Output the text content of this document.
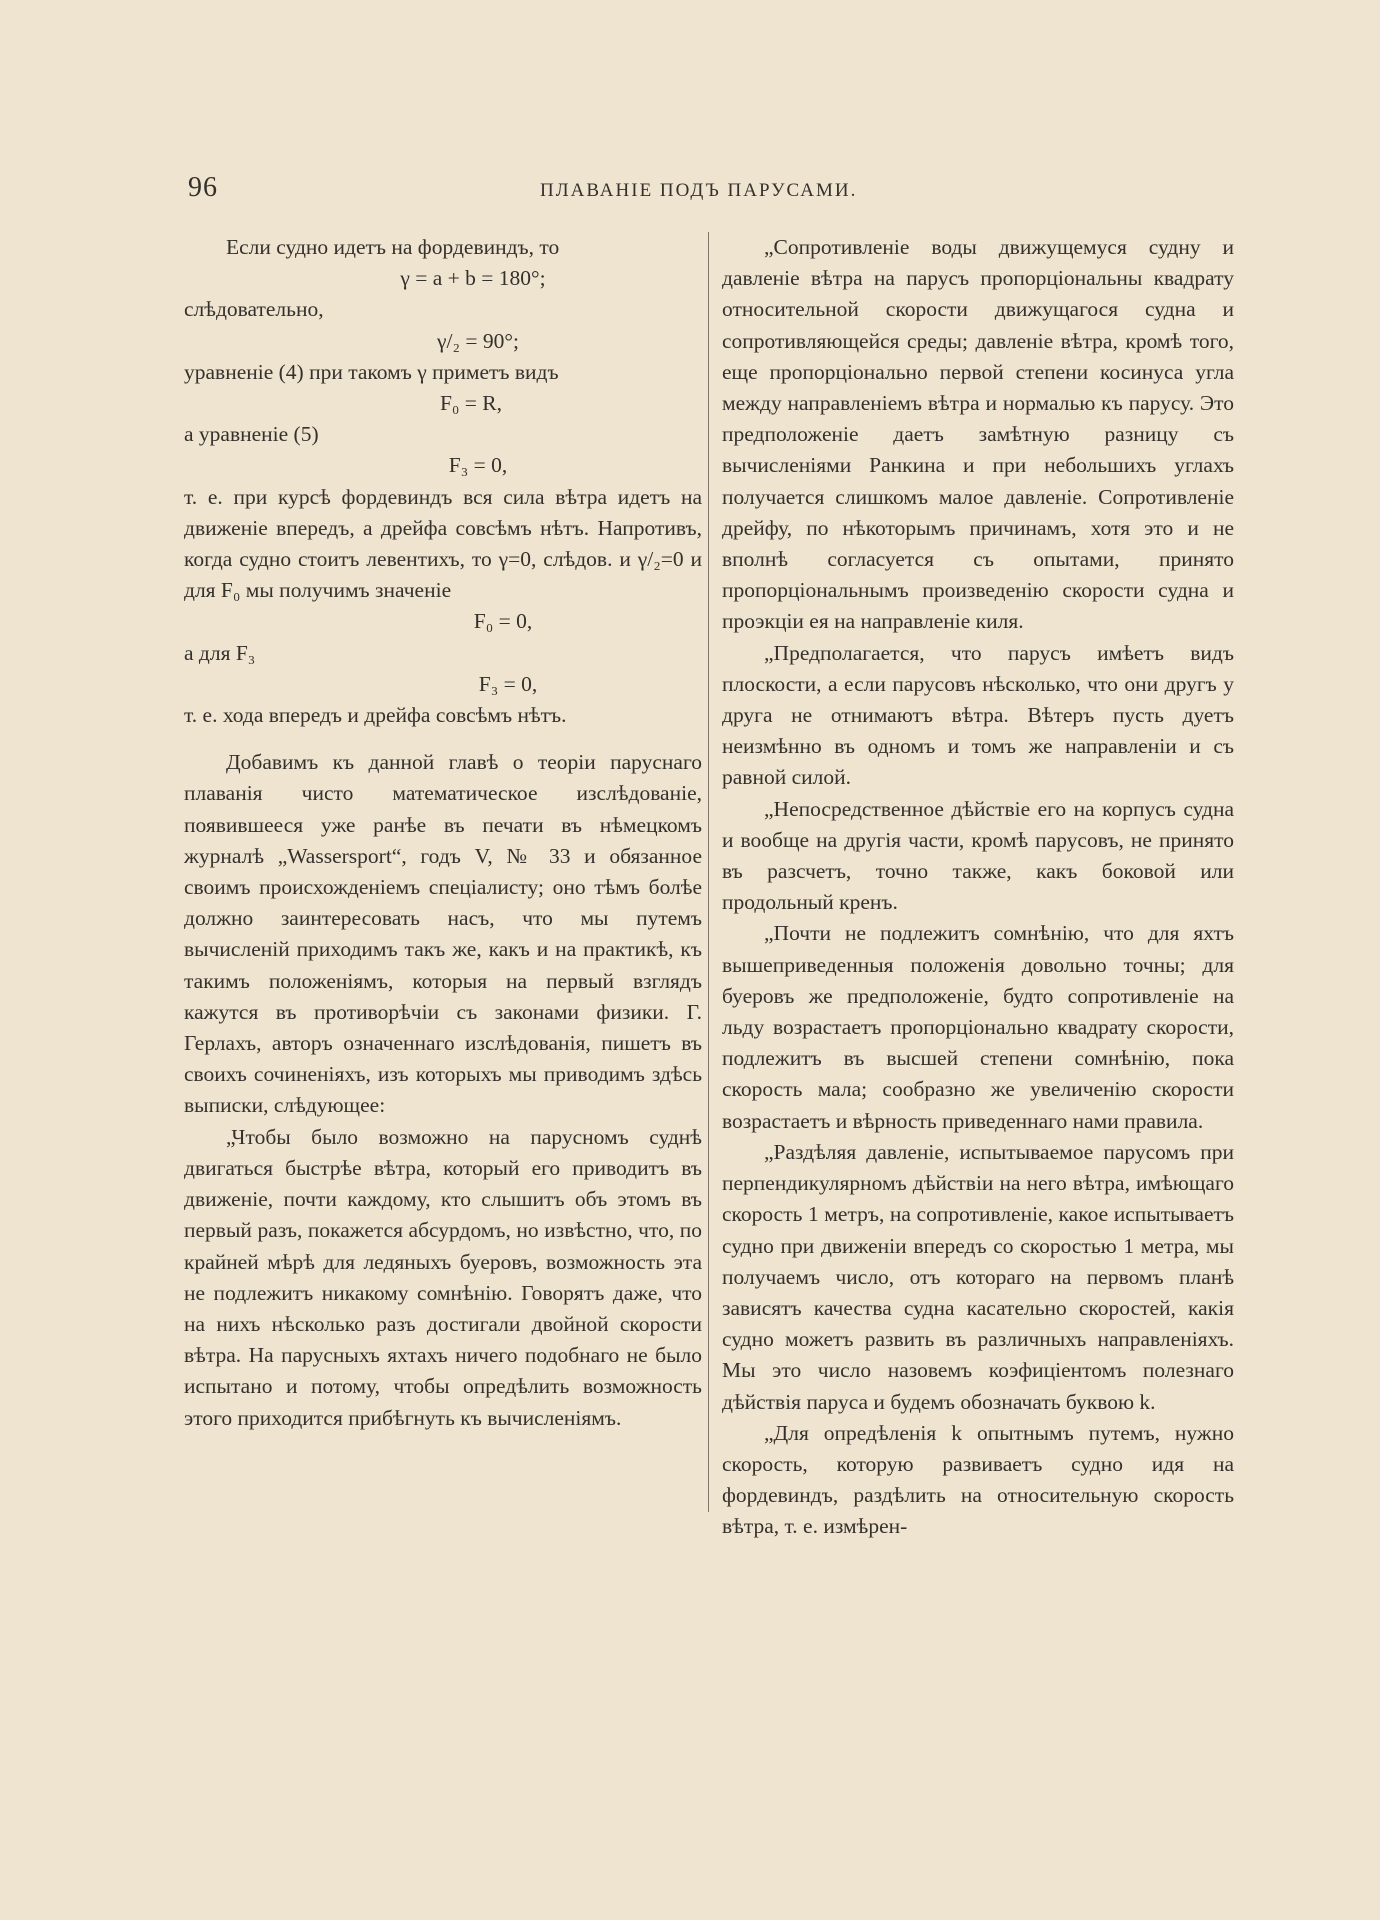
96	ПЛАВАНІЕ ПОДЪ ПАРУСАМИ.

Если судно идетъ на фордевиндъ, то

γ = a + b = 180°;
слѣдовательно,
γ/₂ = 90°;
уравненіе (4) при такомъ γ приметъ видъ
F₀ = R,
а уравненіе (5)
F₃ = 0,

т. е. при курсѣ фордевиндъ вся сила вѣтра идетъ на движеніе впередъ, а дрейфа совсѣмъ нѣтъ. Напротивъ, когда судно стоитъ левентихъ, то γ=0, слѣдов. и γ/₂=0 и для F₀ мы получимъ значеніе

F₀ = 0,
а для F₃
F₃ = 0,

т. е. хода впередъ и дрейфа совсѣмъ нѣтъ.

Добавимъ къ данной главѣ о теоріи пaруснаго плаванія чисто математическое изслѣдованіе, появившееся уже ранѣе въ печати въ нѣмецкомъ журналѣ „Wassersport“, годъ V, № 33 и обязанное своимъ происхожденіемъ спеціалисту; оно тѣмъ болѣе должно заинтересовать насъ, что мы путемъ вычисленій приходимъ такъ же, какъ и на практикѣ, къ такимъ положеніямъ, которыя на первый взглядъ кажутся въ противорѣчіи съ законами физики. Г. Герлахъ, авторъ означеннаго изслѣдованія, пишетъ въ своихъ сочиненіяхъ, изъ которыхъ мы приводимъ здѣсь выписки, слѣдующее:

„Чтобы было возможно на парусномъ суднѣ двигаться быстрѣе вѣтра, который его приводитъ въ движеніе, почти каждому, кто слышитъ объ этомъ въ первый разъ, покажется абсурдомъ, но извѣстно, что, по крайней мѣрѣ для ледяныхъ буеровъ, возможность эта не подлежитъ никакому сомнѣнію. Говорятъ даже, что на нихъ нѣсколько разъ достигали двойной скорости вѣтра. На парусныхъ яхтахъ ничего подобнаго не было испытано и потому, чтобы опредѣлить возможность этого приходится прибѣгнуть къ вычисленіямъ.

„Сопротивленіе воды движущемуся судну и давленіе вѣтра на парусъ пропорціональны квадрату относительной скорости движущагося судна и сопротивляющейся среды; давленіе вѣтра, кромѣ того, еще пропорціонально первой степени косинуса угла между направленіемъ вѣтра и нормалью къ парусу. Это предположеніе даетъ замѣтную разницу съ вычисленіями Ранкина и при небольшихъ углахъ получается слишкомъ малое давленіе. Сопротивленіе дрейфу, по нѣкоторымъ причинамъ, хотя это и не вполнѣ согласуется съ опытами, принято пропорціональнымъ произведенію скорости судна и проэкціи ея на направленіе киля.

„Предполагается, что парусъ имѣетъ видъ плоскости, а если парусовъ нѣсколько, что они другъ у друга не отнимаютъ вѣтра. Вѣтеръ пусть дуетъ неизмѣнно въ одномъ и томъ же направленіи и съ равной силой.

„Непосредственное дѣйствіе его на корпусъ судна и вообще на другія части, кромѣ парусовъ, не принято въ разсчетъ, точно также, какъ боковой или продольный кренъ.

„Почти не подлежитъ сомнѣнію, что для яхтъ вышеприведенныя положенія довольно точны; для буеровъ же предположеніе, будто сопротивленіе на льду возрастаетъ пропорціонально квадрату скорости, подлежитъ въ высшей степени сомнѣнію, пока скорость мала; сообразно же увеличенію скорости возрастаетъ и вѣрность приведеннаго нами правила.

„Раздѣляя давленіе, испытываемое парусомъ при перпендикулярномъ дѣйствіи на него вѣтра, имѣющаго скорость 1 метръ, на сопротивленіе, какое испытываетъ судно при движеніи впередъ со скоростью 1 метра, мы получаемъ число, отъ котораго на первомъ планѣ зависятъ качества судна касательно скоростей, какія судно можетъ развить въ различныхъ направленіяхъ. Мы это число назовемъ коэфиціентомъ полезнаго дѣйствія паруса и будемъ обозначать буквою k.

„Для опредѣленія k опытнымъ путемъ, нужно скорость, которую развиваетъ судно идя на фордевиндъ, раздѣлить на относительную скорость вѣтра, т. е. измѣрен-
